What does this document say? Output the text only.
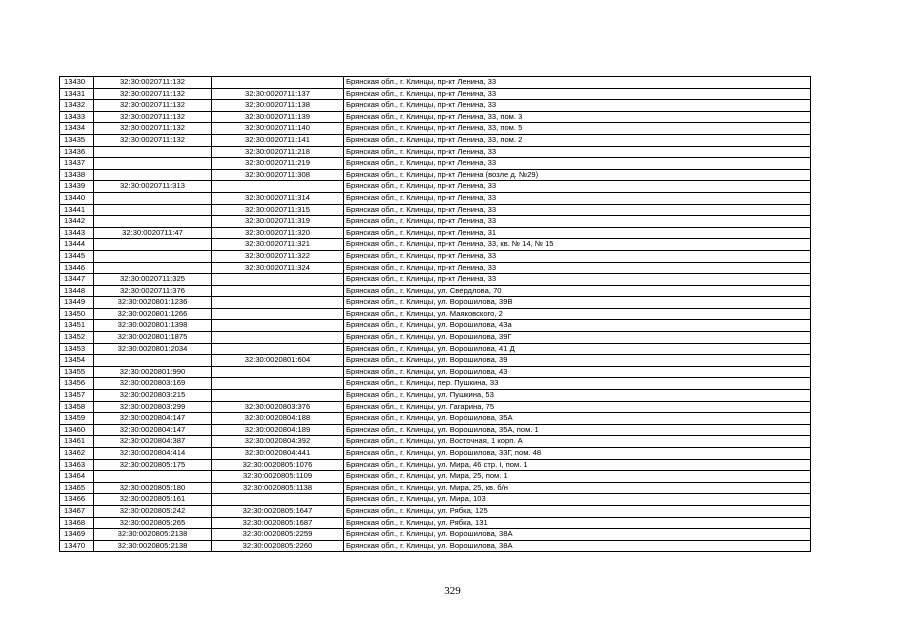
13430	32:30:0020711:132		Брянская обл., г. Клинцы, пр-кт Ленина, 33
13431	32:30:0020711:132	32:30:0020711:137	Брянская обл., г. Клинцы, пр-кт Ленина, 33
13432	32:30:0020711:132	32:30:0020711:138	Брянская обл., г. Клинцы, пр-кт Ленина, 33
13433	32:30:0020711:132	32:30:0020711:139	Брянская обл., г. Клинцы, пр-кт Ленина, 33, пом. 3
13434	32:30:0020711:132	32:30:0020711:140	Брянская обл., г. Клинцы, пр-кт Ленина, 33, пом. 5
13435	32:30:0020711:132	32:30:0020711:141	Брянская обл., г. Клинцы, пр-кт Ленина, 33, пом. 2
13436		32:30:0020711:218	Брянская обл., г. Клинцы, пр-кт Ленина, 33
13437		32:30:0020711:219	Брянская обл., г. Клинцы, пр-кт Ленина, 33
13438		32:30:0020711:308	Брянская обл., г. Клинцы, пр-кт Ленина (возле д. №29)
13439	32:30:0020711:313		Брянская обл., г. Клинцы, пр-кт Ленина, 33
13440		32:30:0020711:314	Брянская обл., г. Клинцы, пр-кт Ленина, 33
13441		32:30:0020711:315	Брянская обл., г. Клинцы, пр-кт Ленина, 33
13442		32:30:0020711:319	Брянская обл., г. Клинцы, пр-кт Ленина, 33
13443	32:30:0020711:47	32:30:0020711:320	Брянская обл., г. Клинцы, пр-кт Ленина, 31
13444		32:30:0020711:321	Брянская обл., г. Клинцы, пр-кт Ленина, 33, кв. № 14, № 15
13445		32:30:0020711:322	Брянская обл., г. Клинцы, пр-кт Ленина, 33
13446		32:30:0020711:324	Брянская обл., г. Клинцы, пр-кт Ленина, 33
13447	32:30:0020711:325		Брянская обл., г. Клинцы, пр-кт Ленина, 33
13448	32:30:0020711:376		Брянская обл., г. Клинцы, ул. Свердлова, 70
13449	32:30:0020801:1236		Брянская обл., г. Клинцы, ул. Ворошилова, 39В
13450	32:30:0020801:1266		Брянская обл., г. Клинцы, ул. Маяковского, 2
13451	32:30:0020801:1398		Брянская обл., г. Клинцы, ул. Ворошилова, 43а
13452	32:30:0020801:1875		Брянская обл., г. Клинцы, ул. Ворошилова, 39Г
13453	32:30:0020801:2034		Брянская обл., г. Клинцы, ул. Ворошилова, 41 Д
13454		32:30:0020801:604	Брянская обл., г. Клинцы, ул. Ворошилова, 39
13455	32:30:0020801:990		Брянская обл., г. Клинцы, ул. Ворошилова, 43
13456	32:30:0020803:169		Брянская обл., г. Клинцы, пер. Пушкина, 33
13457	32:30:0020803:215		Брянская обл., г. Клинцы, ул. Пушкина, 53
13458	32:30:0020803:299	32:30:0020803:376	Брянская обл., г. Клинцы, ул. Гагарина, 75
13459	32:30:0020804:147	32:30:0020804:188	Брянская обл., г. Клинцы, ул. Ворошилова, 35А
13460	32:30:0020804:147	32:30:0020804:189	Брянская обл., г. Клинцы, ул. Ворошилова, 35А, пом. 1
13461	32:30:0020804:387	32:30:0020804:392	Брянская обл., г. Клинцы, ул. Восточная, 1 корп. А
13462	32:30:0020804:414	32:30:0020804:441	Брянская обл., г. Клинцы, ул. Ворошилова, 33Г, пом. 48
13463	32:30:0020805:175	32:30:0020805:1076	Брянская обл., г. Клинцы, ул. Мира, 46 стр. I, пом. 1
13464		32:30:0020805:1109	Брянская обл., г. Клинцы, ул. Мира, 25, пом. 1
13465	32:30:0020805:180	32:30:0020805:1138	Брянская обл., г. Клинцы, ул. Мира, 25, кв. б/н
13466	32:30:0020805:161		Брянская обл., г. Клинцы, ул. Мира, 103
13467	32:30:0020805:242	32:30:0020805:1647	Брянская обл., г. Клинцы, ул. Рябка, 125
13468	32:30:0020805:265	32:30:0020805:1687	Брянская обл., г. Клинцы, ул. Рябка, 131
13469	32:30:0020805:2138	32:30:0020805:2259	Брянская обл., г. Клинцы, ул. Ворошилова, 38А
13470	32:30:0020805:2138	32:30:0020805:2260	Брянская обл., г. Клинцы, ул. Ворошилова, 38А
329
